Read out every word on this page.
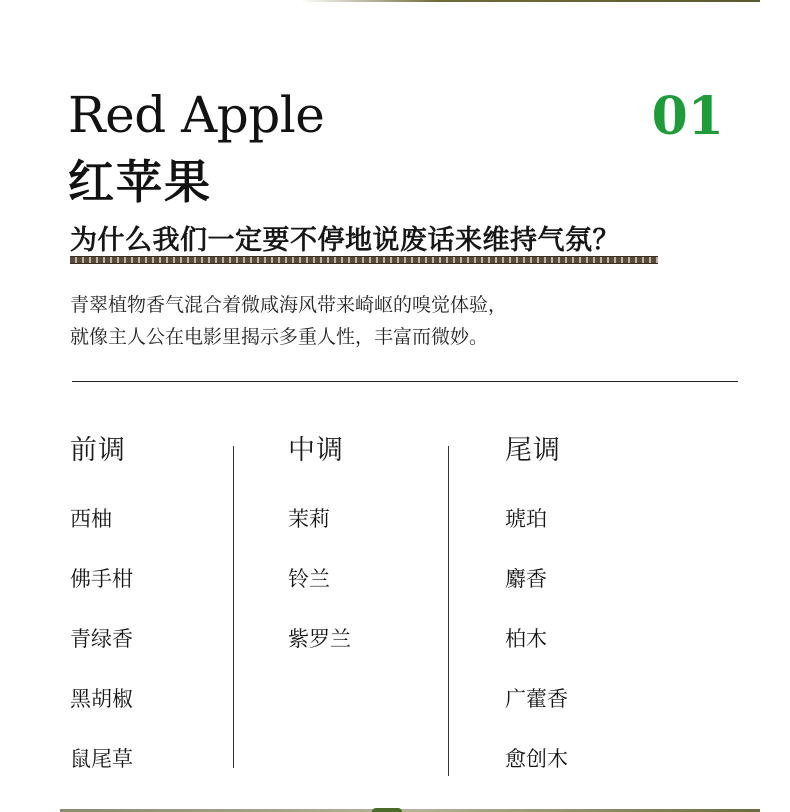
Red Apple
红苹果
01
为什么我们一定要不停地说废话来维持气氛？

青翠植物香气混合着微咸海风带来崎岖的嗅觉体验，

就像主人公在电影里揭示多重人性，丰富而微妙。

前调
西柚
佛手柑
青绿香
黑胡椒
鼠尾草
中调
茉莉
铃兰
紫罗兰
尾调
琥珀
麝香
柏木
广藿香
愈创木
